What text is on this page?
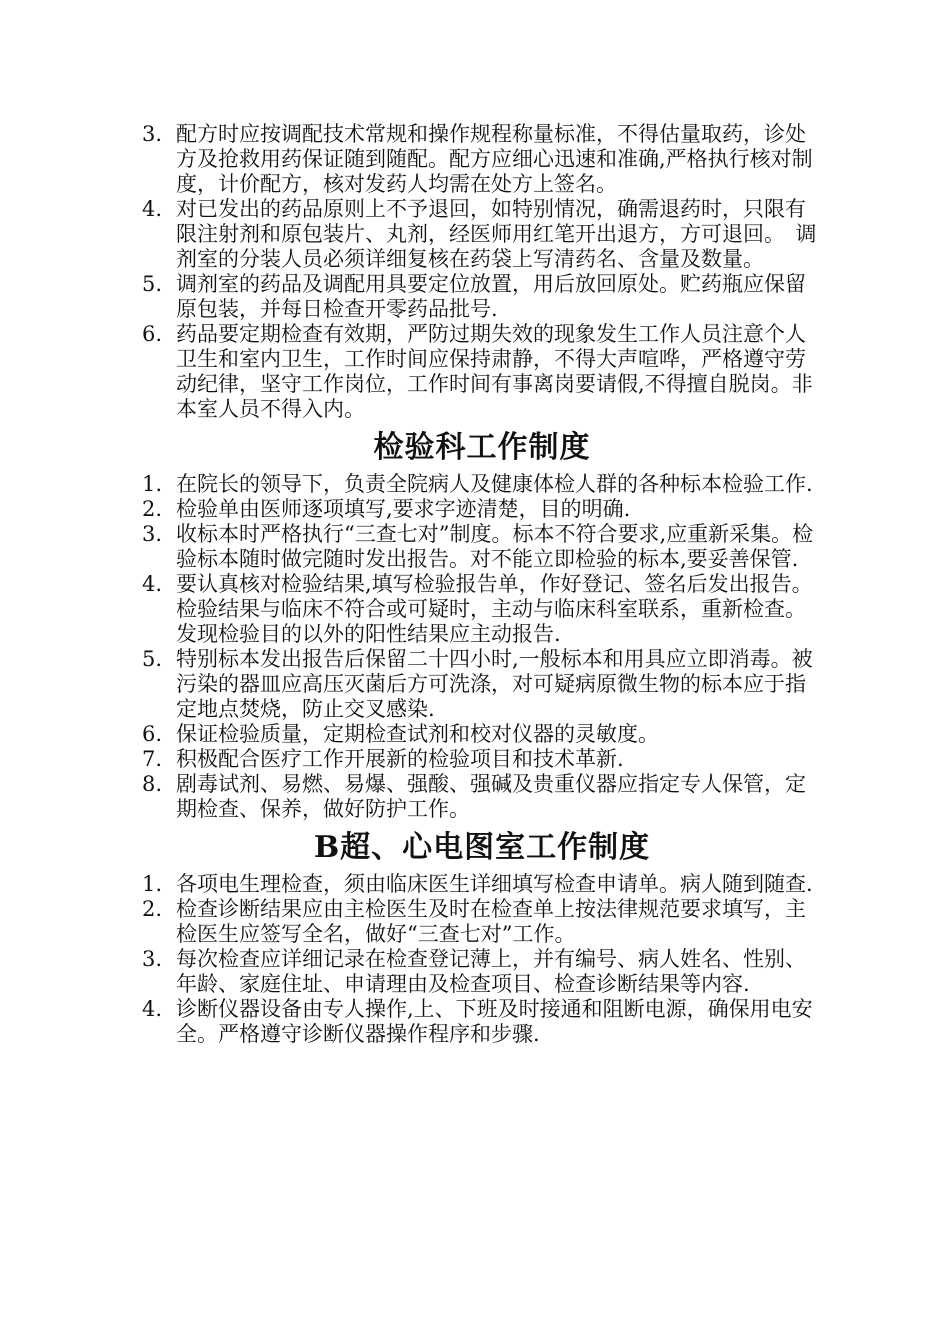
3. 配方时应按调配技术常规和操作规程称量标准，不得估量取药，诊处方及抢救用药保证随到随配。配方应细心迅速和准确,严格执行核对制度，计价配方，核对发药人均需在处方上签名。
4. 对已发出的药品原则上不予退回，如特别情况，确需退药时，只限有限注射剂和原包装片、丸剂，经医师用红笔开出退方，方可退回。　调剂室的分装人员必须详细复核在药袋上写清药名、含量及数量。
5. 调剂室的药品及调配用具要定位放置，用后放回原处。贮药瓶应保留原包装，并每日检查开零药品批号.
6. 药品要定期检查有效期，严防过期失效的现象发生工作人员注意个人卫生和室内卫生，工作时间应保持肃静，不得大声喧哗，严格遵守劳动纪律，坚守工作岗位，工作时间有事离岗要请假,不得擅自脱岗。非本室人员不得入内。
检验科工作制度
1. 在院长的领导下，负责全院病人及健康体检人群的各种标本检验工作.
2. 检验单由医师逐项填写,要求字迹清楚，目的明确.
3. 收标本时严格执行“三查七对”制度。标本不符合要求,应重新采集。检验标本随时做完随时发出报告。对不能立即检验的标本,要妥善保管.
4. 要认真核对检验结果,填写检验报告单，作好登记、签名后发出报告。检验结果与临床不符合或可疑时，主动与临床科室联系，重新检查。发现检验目的以外的阳性结果应主动报告.
5. 特别标本发出报告后保留二十四小时,一般标本和用具应立即消毒。被污染的器皿应高压灭菌后方可洗涤，对可疑病原微生物的标本应于指定地点焚烧，防止交叉感染.
6. 保证检验质量，定期检查试剂和校对仪器的灵敏度。
7. 积极配合医疗工作开展新的检验项目和技术革新.
8. 剧毒试剂、易燃、易爆、强酸、强碱及贵重仪器应指定专人保管，定期检查、保养，做好防护工作。
B超、心电图室工作制度
1. 各项电生理检查，须由临床医生详细填写检查申请单。病人随到随查.
2. 检查诊断结果应由主检医生及时在检查单上按法律规范要求填写，主检医生应签写全名，做好“三查七对”工作。
3. 每次检查应详细记录在检查登记薄上，并有编号、病人姓名、性别、年龄、家庭住址、申请理由及检查项目、检查诊断结果等内容.
4. 诊断仪器设备由专人操作,上、下班及时接通和阻断电源，确保用电安全。严格遵守诊断仪器操作程序和步骤.
